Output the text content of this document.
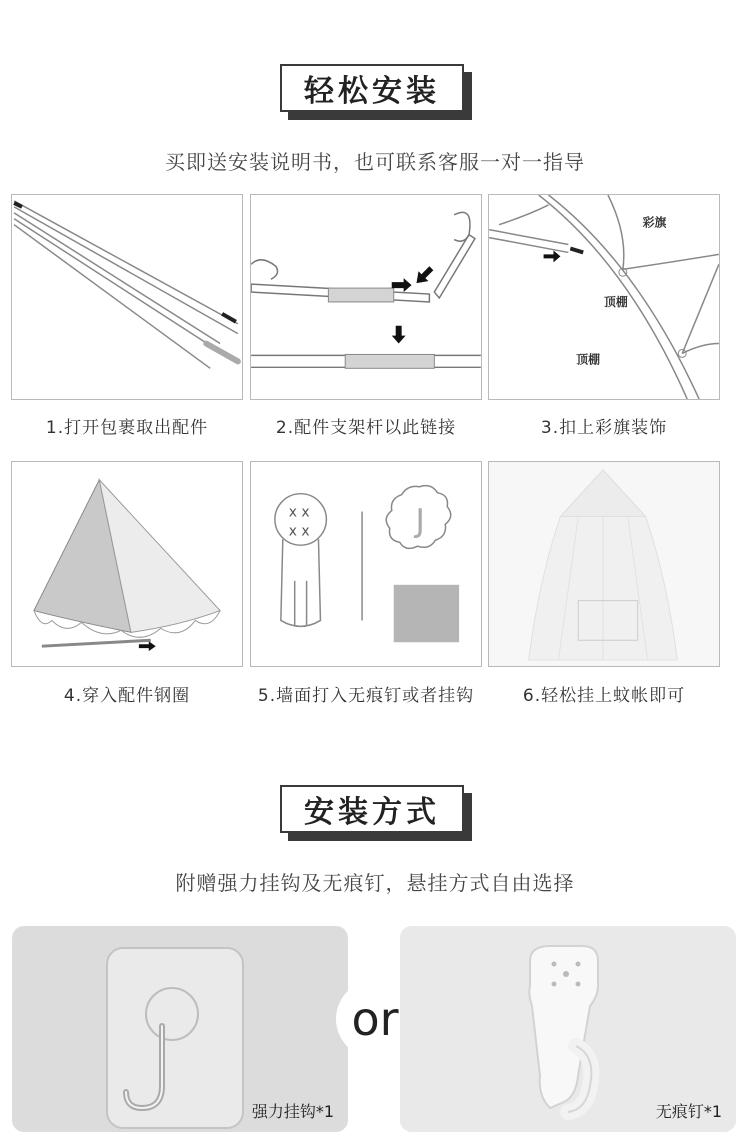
轻松安装
买即送安装说明书，也可联系客服一对一指导
1.打开包裹取出配件	2.配件支架杆以此链接
彩旗
顶棚
顶棚
3.扣上彩旗装饰
4.穿入配件钢圈
x x
x x	J
5.墙面打入无痕钉或者挂钩	6.轻松挂上蚊帐即可
安装方式
附赠强力挂钩及无痕钉，悬挂方式自由选择
强力挂钩*1
or
无痕钉*1
